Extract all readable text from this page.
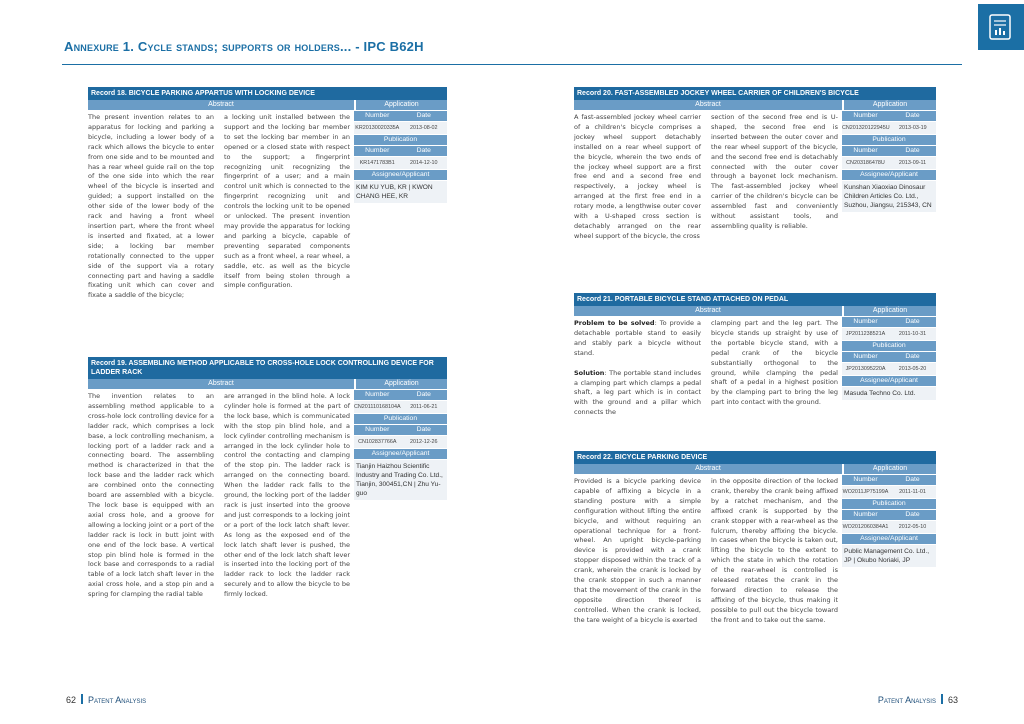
Annexure 1. Cycle stands; supports or holders... - IPC B62H
Record 18. BICYCLE PARKING APPARTUS WITH LOCKING DEVICE
Abstract	Application
The present invention relates to an apparatus for locking and parking a bicycle, including a lower body of a rack which allows the bicycle to enter from one side and to be mounted and has a rear wheel guide rail on the top of the one side into which the rear wheel of the bicycle is inserted and guided; a support installed on the other side of the lower body of the rack and having a front wheel insertion part, where the front wheel is inserted and fixated, at a lower side; a locking bar member rotationally connected to the upper side of the support via a rotary connecting part and having a saddle fixating unit which can cover and fixate a saddle of the bicycle;
a locking unit installed between the support and the locking bar member to set the locking bar member in an opened or a closed state with respect to the support; a fingerprint recognizing unit recognizing the fingerprint of a user; and a main control unit which is connected to the fingerprint recognizing unit and controls the locking unit to be opened or unlocked. The present invention may provide the apparatus for locking and parking a bicycle, capable of preventing separated components such as a front wheel, a rear wheel, a saddle, etc. as well as the bicycle itself from being stolen through a simple configuration.
Number	Date
KR20130020335A	2013-08-02
Publication
Number	Date
KR1471783B1	2014-12-10
Assignee/Applicant
KIM KU YUB, KR | KWON CHANG HEE, KR
Record 19. ASSEMBLING METHOD APPLICABLE TO CROSS-HOLE LOCK CONTROLLING DEVICE FOR LADDER RACK
Abstract	Application
The invention relates to an assembling method applicable to a cross-hole lock controlling device for a ladder rack, which comprises a lock base, a lock controlling mechanism, a locking port of a ladder rack and a connecting board. The assembling method is characterized in that the lock base and the ladder rack which are combined onto the connecting board are assembled with a bicycle. The lock base is equipped with an axial cross hole, and a groove for allowing a locking joint or a port of the ladder rack is lock in butt joint with one end of the lock base. A vertical stop pin blind hole is formed in the lock base and corresponds to a radial table of a lock latch shaft lever in the axial cross hole, and a stop pin and a spring for clamping the radial table
are arranged in the blind hole. A lock cylinder hole is formed at the part of the lock base, which is communicated with the stop pin blind hole, and a lock cylinder controlling mechanism is arranged in the lock cylinder hole to control the contacting and clamping of the stop pin. The ladder rack is arranged on the connecting board. When the ladder rack falls to the ground, the locking port of the ladder rack is just inserted into the groove and just corresponds to a locking joint or a port of the lock latch shaft lever. As long as the exposed end of the lock latch shaft lever is pushed, the other end of the lock latch shaft lever is inserted into the locking port of the ladder rack to lock the ladder rack securely and to allow the bicycle to be firmly locked.
Number	Date
CN201110168104A	2011-06-21
Publication
Number	Date
CN102837766A	2012-12-26
Assignee/Applicant
Tianjin Haizhou Scientific Industry and Trading Co. Ltd., Tianjin, 300451,CN | Zhu Yu-guo
Record 20. FAST-ASSEMBLED JOCKEY WHEEL CARRIER OF CHILDREN'S BICYCLE
Abstract	Application
A fast-assembled jockey wheel carrier of a children's bicycle comprises a jockey wheel support detachably installed on a rear wheel support of the bicycle, wherein the two ends of the jockey wheel support are a first free end and a second free end respectively, a jockey wheel is arranged at the first free end in a rotary mode, a lengthwise outer cover with a U-shaped cross section is detachably arranged on the rear wheel support of the bicycle, the cross
section of the second free end is U-shaped, the second free end is inserted between the outer cover and the rear wheel support of the bicycle, and the second free end is detachably connected with the outer cover through a bayonet lock mechanism. The fast-assembled jockey wheel carrier of the children's bicycle can be assembled fast and conveniently without assistant tools, and assembling quality is reliable.
Number	Date
CN201320122945U	2013-03-19
Publication
Number	Date
CN203186478U	2013-09-11
Assignee/Applicant
Kunshan Xiaoxiao Dinosaur Children Articles Co. Ltd., Suzhou, Jiangsu, 215343, CN
Record 21. PORTABLE BICYCLE STAND ATTACHED ON PEDAL
Abstract	Application
Problem to be solved: To provide a detachable portable stand to easily and stably park a bicycle without stand.
Solution: The portable stand includes a clamping part which clamps a pedal shaft, a leg part which is in contact with the ground and a pillar which connects the
clamping part and the leg part. The bicycle stands up straight by use of the portable bicycle stand, with a pedal crank of the bicycle substantially orthogonal to the ground, while clamping the pedal shaft of a pedal in a highest position by the clamping part to bring the leg part into contact with the ground.
Number	Date
JP2011238521A	2011-10-31
Publication
Number	Date
JP2013095220A	2013-05-20
Assignee/Applicant
Masuda Techno Co. Ltd.
Record 22. BICYCLE PARKING DEVICE
Abstract	Application
Provided is a bicycle parking device capable of affixing a bicycle in a standing posture with a simple configuration without lifting the entire bicycle, and without requiring an operational technique for a front-wheel. An upright bicycle-parking device is provided with a crank stopper disposed within the track of a crank, wherein the crank is locked by the crank stopper in such a manner that the movement of the crank in the opposite direction thereof is controlled. When the crank is locked, the tare weight of a bicycle is exerted
in the opposite direction of the locked crank, thereby the crank being affixed by a ratchet mechanism, and the affixed crank is supported by the crank stopper with a rear-wheel as the fulcrum, thereby affixing the bicycle. In cases when the bicycle is taken out, lifting the bicycle to the extent to which the state in which the rotation of the rear-wheel is controlled is released rotates the crank in the forward direction to release the affixing of the bicycle, thus making it possible to pull out the bicycle toward the front and to take out the same.
Number	Date
WO2011JP75199A	2011-11-01
Publication
Number	Date
WO2012060384A1	2012-05-10
Assignee/Applicant
Public Management Co. Ltd., JP | Okubo Noriaki, JP
62 Patent Analysis	Patent Analysis 63
